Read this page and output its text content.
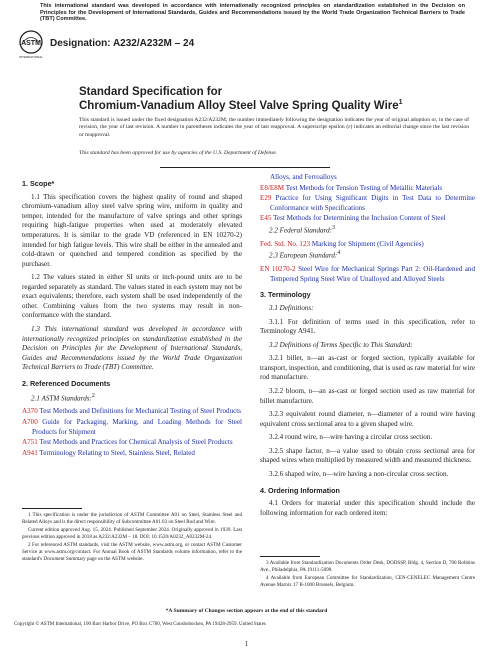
This international standard was developed in accordance with internationally recognized principles on standardization established in the Decision on Principles for the Development of International Standards, Guides and Recommendations issued by the World Trade Organization Technical Barriers to Trade (TBT) Committee.
ASTM
INTERNATIONAL
Designation: A232/A232M – 24
Standard Specification for
Chromium-Vanadium Alloy Steel Valve Spring Quality Wire$^1$
This standard is issued under the fixed designation A232/A232M; the number immediately following the designation indicates the year of original adoption or, in the case of revision, the year of last revision. A number in parentheses indicates the year of last reapproval. A superscript epsilon (ε) indicates an editorial change since the last revision or reapproval.
This standard has been approved for use by agencies of the U.S. Department of Defense.
1. Scope*

1.1 This specification covers the highest quality of round and shaped chromium-vanadium alloy steel valve spring wire, uniform in quality and temper, intended for the manufacture of valve springs and other springs requiring high-fatigue properties when used at moderately elevated temperatures. It is similar to the grade VD (referenced in EN 10270-2) intended for high fatigue levels. This wire shall be either in the annealed and cold-drawn or quenched and tempered condition as specified by the purchaser.

1.2 The values stated in either SI units or inch-pound units are to be regarded separately as standard. The values stated in each system may not be exact equivalents; therefore, each system shall be used independently of the other. Combining values from the two systems may result in non-conformance with the standard.

1.3 This international standard was developed in accordance with internationally recognized principles on standardization established in the Decision on Principles for the Development of International Standards, Guides and Recommendations issued by the World Trade Organization Technical Barriers to Trade (TBT) Committee.

2. Referenced Documents

2.1 ASTM Standards:$^2$

A370 Test Methods and Definitions for Mechanical Testing of Steel Products
A700 Guide for Packaging, Marking, and Loading Methods for Steel Products for Shipment
A751 Test Methods and Practices for Chemical Analysis of Steel Products
A941 Terminology Relating to Steel, Stainless Steel, Related

1 This specification is under the jurisdiction of ASTM Committee A01 on Steel, Stainless Steel and Related Alloys and is the direct responsibility of Subcommittee A01.03 on Steel Rod and Wire.

Current edition approved Aug. 15, 2024. Published September 2024. Originally approved in 1939. Last previous edition approved in 2018 as A232/A232M – 18. DOI: 10.1520/A0232_A0232M-24.

2 For referenced ASTM standards, visit the ASTM website, www.astm.org, or contact ASTM Customer Service at www.astm.org/contact. For Annual Book of ASTM Standards volume information, refer to the standard's Document Summary page on the ASTM website.

Alloys, and Ferroalloys
E8/E8M Test Methods for Tension Testing of Metallic Materials
E29 Practice for Using Significant Digits in Test Data to Determine Conformance with Specifications
E45 Test Methods for Determining the Inclusion Content of Steel

2.2 Federal Standard:$^3$

Fed. Std. No. 123 Marking for Shipment (Civil Agencies)

2.3 European Standard:$^4$

EN 10270-2 Steel Wire for Mechanical Springs Part 2: Oil-Hardened and Tempered Spring Steel Wire of Unalloyed and Alloyed Steels
3. Terminology

3.1 Definitions:

3.1.1 For definition of terms used in this specification, refer to Terminology A941.

3.2 Definitions of Terms Specific to This Standard:

3.2.1 billet, n—an as-cast or forged section, typically available for transport, inspection, and conditioning, that is used as raw material for wire rod manufacture.

3.2.2 bloom, n—an as-cast or forged section used as raw material for billet manufacture.

3.2.3 equivalent round diameter, n—diameter of a round wire having equivalent cross sectional area to a given shaped wire.

3.2.4 round wire, n—wire having a circular cross section.

3.2.5 shape factor, n—a value used to obtain cross sectional area for shaped wires when multiplied by measured width and measured thickness.

3.2.6 shaped wire, n—wire having a non-circular cross section.

4. Ordering Information

4.1 Orders for material under this specification should include the following information for each ordered item:

3 Available from Standardization Documents Order Desk, DODSSP, Bldg. 4, Section D, 700 Robbins Ave., Philadelphia, PA 19111-5098.

4 Available from European Committee for Standardization, CEN-CENELEC Management Centre Avenue Marnix 17 B-1000 Brussels, Belgium.

*A Summary of Changes section appears at the end of this standard
Copyright © ASTM International, 100 Barr Harbor Drive, PO Box C700, West Conshohocken, PA 19428-2959. United States
1
